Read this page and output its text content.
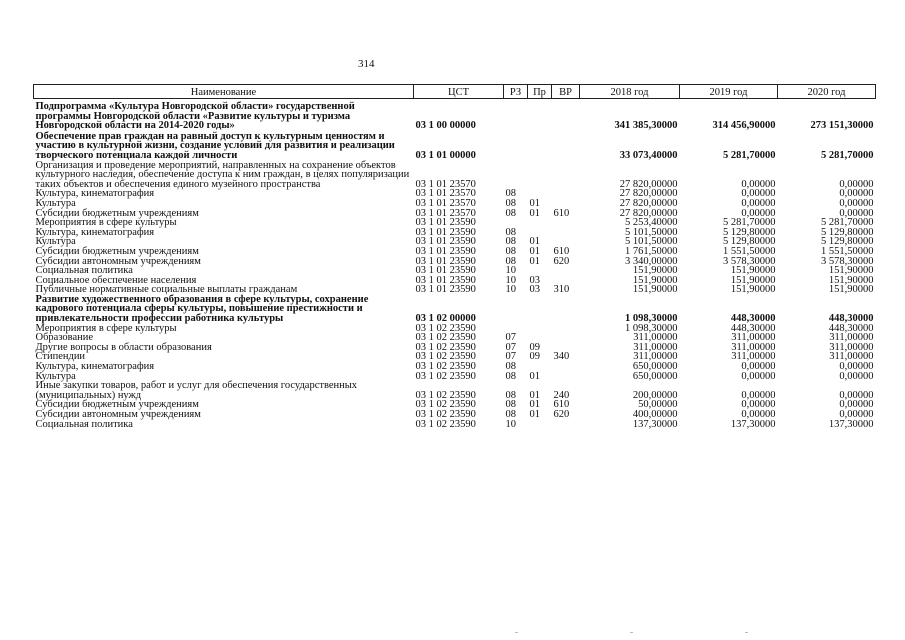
314
Наименование	ЦСТ	РЗ	Пр	ВР	2018 год	2019 год	2020 год
Подпрограмма «Культура Новгородской области» государственной программы Новгородской области «Развитие культуры и туризма Новгородской области на 2014-2020 годы»	03 1 00 00000				341 385,30000	314 456,90000	273 151,30000
Обеспечение прав граждан на равный доступ к культурным ценностям и участию в культурной жизни, создание условий для развития и реализации творческого потенциала каждой личности	03 1 01 00000				33 073,40000	5 281,70000	5 281,70000
Организация и проведение мероприятий, направленных на сохранение объектов культурного наследия, обеспечение доступа к ним граждан, в целях популяризации таких объектов и обеспечения единого музейного пространства	03 1 01 23570				27 820,00000	0,00000	0,00000
Культура, кинематография	03 1 01 23570	08			27 820,00000	0,00000	0,00000
Культура	03 1 01 23570	08	01		27 820,00000	0,00000	0,00000
Субсидии бюджетным учреждениям	03 1 01 23570	08	01	610	27 820,00000	0,00000	0,00000
Мероприятия в сфере культуры	03 1 01 23590				5 253,40000	5 281,70000	5 281,70000
Культура, кинематография	03 1 01 23590	08			5 101,50000	5 129,80000	5 129,80000
Культура	03 1 01 23590	08	01		5 101,50000	5 129,80000	5 129,80000
Субсидии бюджетным учреждениям	03 1 01 23590	08	01	610	1 761,50000	1 551,50000	1 551,50000
Субсидии автономным учреждениям	03 1 01 23590	08	01	620	3 340,00000	3 578,30000	3 578,30000
Социальная политика	03 1 01 23590	10			151,90000	151,90000	151,90000
Социальное обеспечение населения	03 1 01 23590	10	03		151,90000	151,90000	151,90000
Публичные нормативные социальные выплаты гражданам	03 1 01 23590	10	03	310	151,90000	151,90000	151,90000
Развитие художественного образования в сфере культуры, сохранение кадрового потенциала сферы культуры, повышение престижности и привлекательности профессии работника культуры	03 1 02 00000				1 098,30000	448,30000	448,30000
Мероприятия в сфере культуры	03 1 02 23590				1 098,30000	448,30000	448,30000
Образование	03 1 02 23590	07			311,00000	311,00000	311,00000
Другие вопросы в области образования	03 1 02 23590	07	09		311,00000	311,00000	311,00000
Стипендии	03 1 02 23590	07	09	340	311,00000	311,00000	311,00000
Культура, кинематография	03 1 02 23590	08			650,00000	0,00000	0,00000
Культура	03 1 02 23590	08	01		650,00000	0,00000	0,00000
Иные закупки товаров, работ и услуг для обеспечения государственных (муниципальных) нужд	03 1 02 23590	08	01	240	200,00000	0,00000	0,00000
Субсидии бюджетным учреждениям	03 1 02 23590	08	01	610	50,00000	0,00000	0,00000
Субсидии автономным учреждениям	03 1 02 23590	08	01	620	400,00000	0,00000	0,00000
Социальная политика	03 1 02 23590	10			137,30000	137,30000	137,30000
